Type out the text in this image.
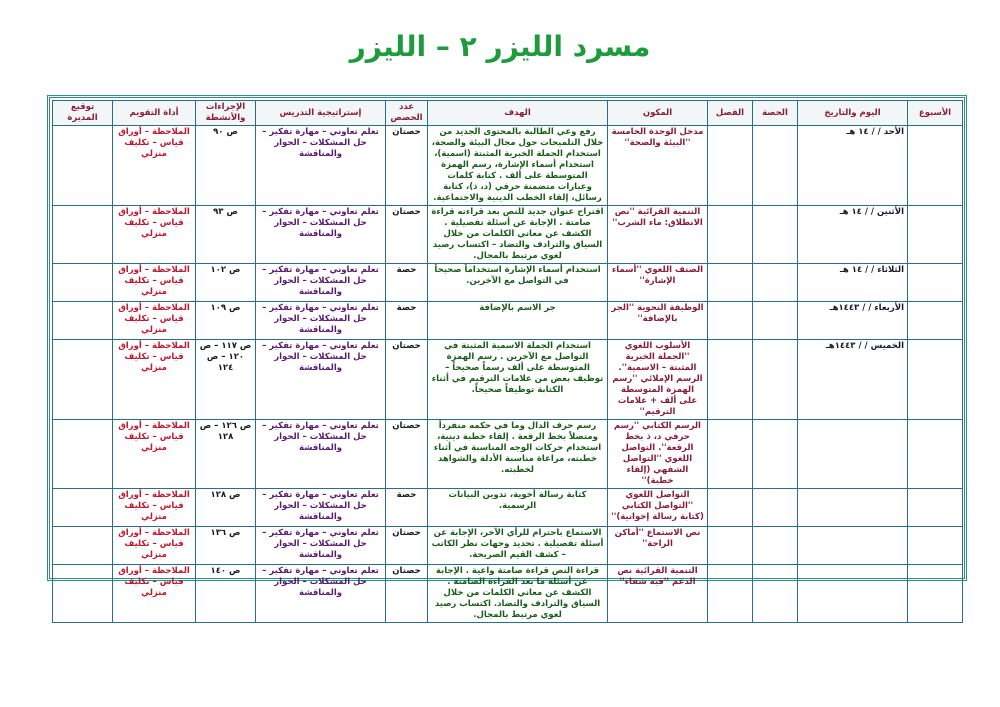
مسرد الليزر ٢ – الليزر
الأسبوع	اليوم والتاريخ	الحصة	الفصل	المكون	الهدف	عدد الحصص	إستراتيجية التدريس	الإجراءات والأنشطة	أداة التقويم	توقيع المديرة
	الأحد / / ١٤ هـ			مدخل الوحدة الخامسة ''البيئة والصحة''	رفع وعي الطالبة بالمحتوى الجديد من خلال التلميحات حول مجال البيئة والصحة، استخدام الجملة الخبرية المثبتة (اسمية)، استخدام أسماء الإشارة، رسم الهمزة المتوسطة على ألف . كتابة كلمات وعبارات متضمنة حرفي (د، ذ)، كتابة رسائل، إلقاء الخطب الدينية والاجتماعية.	حصتان	تعلم تعاوني – مهارة تفكير – حل المشكلات – الحوار والمناقشة	ص ٩٠	الملاحظة – أوراق قياس – تكليف منزلي	
	الأثنين / / ١٤ هـ			التنمية القرائية ''نص الانطلاق: ماء الشرب''	اقتراح عنوان جديد للنص بعد قراءته قراءة صامتة . الإجابة عن أسئلة تفصيلية . الكشف عن معاني الكلمات من خلال السياق والترادف والتضاد – اكتساب رصيد لغوي مرتبط بالمجال.	حصتان	تعلم تعاوني – مهارة تفكير – حل المشكلات – الحوار والمناقشة	ص ٩٣	الملاحظة – أوراق قياس – تكليف منزلي	
	الثلاثاء / / ١٤ هـ			الصنف اللغوي ''أسماء الإشارة''	استخدام أسماء الإشارة استخداماً صحيحاً في التواصل مع الآخرين.	حصة	تعلم تعاوني – مهارة تفكير – حل المشكلات – الحوار والمناقشة	ص ١٠٢	الملاحظة – أوراق قياس – تكليف منزلي	
	الأربعاء / / ١٤٤٣هـ			الوظيفة النحوية ''الجر بالإضافة''	جر الاسم بالإضافة	حصة	تعلم تعاوني – مهارة تفكير – حل المشكلات – الحوار والمناقشة	ص ١٠٩	الملاحظة – أوراق قياس – تكليف منزلي	
	الخميس / / ١٤٤٣هـ			الأسلوب اللغوي ''الجملة الخبرية المثبتة – الاسمية''. الرسم الإملائي ''رسم الهمزة المتوسطة على ألف + علامات الترقيم''	استخدام الجملة الاسمية المثبتة في التواصل مع الآخرين . رسم الهمزة المتوسطة على ألف رسماً صحيحاً – توظيف بعض من علامات الترقيم في أثناء الكتابة توظيفاً صحيحاً.	حصتان	تعلم تعاوني – مهارة تفكير – حل المشكلات – الحوار والمناقشة	ص ١١٧ – ص ١٢٠ – ص ١٢٤	الملاحظة – أوراق قياس – تكليف منزلي	
				الرسم الكتابي ''رسم حرفي د، ذ بخط الرقعة''. التواصل اللغوي ''التواصل الشفهي (إلقاء خطبة)''	رسم حرف الدال وما في حكمه منفرداً ومتصلاً بخط الرقعة . إلقاء خطبة دينية، استخدام حركات الوجه المناسبة في أثناء خطبته، مراعاة مناسبة الأدلة والشواهد لخطبته.	حصتان	تعلم تعاوني – مهارة تفكير – حل المشكلات – الحوار والمناقشة	ص ١٢٦ – ص ١٢٨	الملاحظة – أوراق قياس – تكليف منزلي	
				التواصل اللغوي ''التواصل الكتابي (كتابة رسالة إخوانية)''	كتابة رسالة أخوية، تدوين البيانات الرسمية.	حصة	تعلم تعاوني – مهارة تفكير – حل المشكلات – الحوار والمناقشة	ص ١٢٨	الملاحظة – أوراق قياس – تكليف منزلي	
				نص الاستماع ''أماكن الراحة''	الاستماع باحترام للرأي الآخر، الإجابة عن أسئلة تفصيلية . تحديد وجهات نظر الكاتب – كشف القيم الصريحة.	حصتان	تعلم تعاوني – مهارة تفكير – حل المشكلات – الحوار والمناقشة	ص ١٣٦	الملاحظة – أوراق قياس – تكليف منزلي	
				التنمية القرائية نص الدعم ''فيه شفاء''	قراءة النص قراءة صامتة واعية . الإجابة عن أسئلة ما بعد القراءة الصامتة . الكشف عن معاني الكلمات من خلال السياق والترادف والتضاد. اكتساب رصيد لغوي مرتبط بالمجال.	حصتان	تعلم تعاوني – مهارة تفكير – حل المشكلات – الحوار والمناقشة	ص ١٤٠	الملاحظة – أوراق قياس – تكليف منزلي	
